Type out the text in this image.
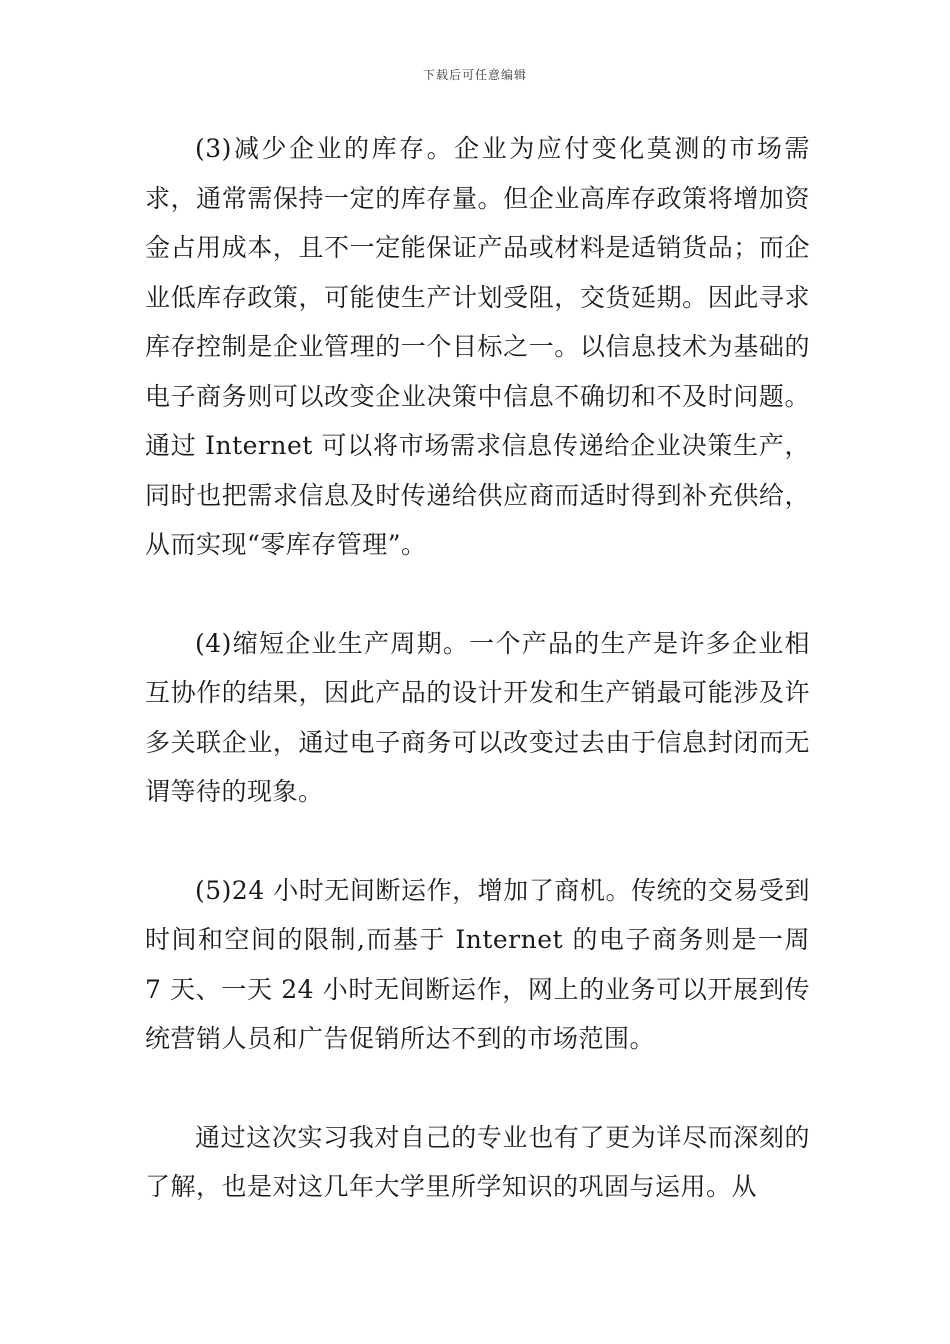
下载后可任意编辑

(3)减少企业的库存。企业为应付变化莫测的市场需求，通常需保持一定的库存量。但企业高库存政策将增加资金占用成本，且不一定能保证产品或材料是适销货品；而企业低库存政策，可能使生产计划受阻，交货延期。因此寻求库存控制是企业管理的一个目标之一。以信息技术为基础的电子商务则可以改变企业决策中信息不确切和不及时问题。通过 Internet 可以将市场需求信息传递给企业决策生产，同时也把需求信息及时传递给供应商而适时得到补充供给，从而实现“零库存管理”。

(4)缩短企业生产周期。一个产品的生产是许多企业相互协作的结果，因此产品的设计开发和生产销最可能涉及许多关联企业，通过电子商务可以改变过去由于信息封闭而无谓等待的现象。

(5)24 小时无间断运作，增加了商机。传统的交易受到时间和空间的限制,而基于 Internet 的电子商务则是一周 7 天、一天 24 小时无间断运作，网上的业务可以开展到传统营销人员和广告促销所达不到的市场范围。

通过这次实习我对自己的专业也有了更为详尽而深刻的了解，也是对这几年大学里所学知识的巩固与运用。从
